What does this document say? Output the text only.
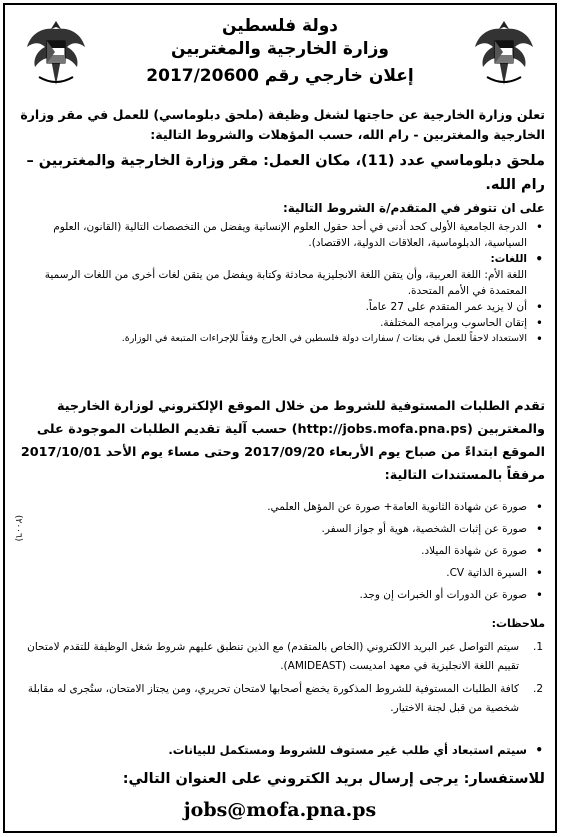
دولة فلسطين
وزارة الخارجية والمغتربين
إعلان خارجي رقم 2017/20600
تعلن وزارة الخارجية عن حاجتها لشغل وظيفة (ملحق دبلوماسي) للعمل في مقر وزارة الخارجية والمغتربين - رام الله، حسب المؤهلات والشروط التالية:
ملحق دبلوماسي عدد (11)، مكان العمل: مقر وزارة الخارجية والمغتربين – رام الله.
على ان تتوفر في المتقدم/ة الشروط التالية:
• الدرجة الجامعية الأولى كحد أدنى في أحد حقول العلوم الإنسانية ويفضل من التخصصات التالية (القانون، العلوم السياسية، الدبلوماسية، العلاقات الدولية، الاقتصاد).
• اللغات:
اللغة الأم: اللغة العربية، وأن يتقن اللغة الانجليزية محادثة وكتابة ويفضل من يتقن لغات أخرى من اللغات الرسمية المعتمدة في الأمم المتحدة.
• أن لا يزيد عمر المتقدم على 27 عاماً.
• إتقان الحاسوب وبرامجه المختلفة.
• الاستعداد لاحقاً للعمل في بعثات / سفارات دولة فلسطين في الخارج وفقاً للإجراءات المتبعة في الوزارة.
تقدم الطلبات المستوفية للشروط من خلال الموقع الإلكتروني لوزارة الخارجية والمغتربين (http://jobs.mofa.pna.ps) حسب آلية تقديم الطلبات الموجودة على الموقع ابتداءً من صباح يوم الأربعاء 2017/09/20 وحتى مساء يوم الأحد 2017/10/01 مرفقاً بالمستندات التالية:
• صورة عن شهادة الثانوية العامة+ صورة عن المؤهل العلمي.
• صورة عن إثبات الشخصية، هوية أو جواز السفر.
• صورة عن شهادة الميلاد.
• السيرة الذاتية CV.
• صورة عن الدورات أو الخبرات إن وجد.
(٢٠٠٦)
ملاحظات:
1.
سيتم التواصل عبر البريد الالكتروني (الخاص بالمتقدم) مع الذين تنطبق عليهم شروط شغل الوظيفة للتقدم لامتحان تقييم اللغة الانجليزية في معهد امديست (AMIDEAST).
2.
كافة الطلبات المستوفية للشروط المذكورة يخضع أصحابها لامتحان تحريري، ومن يجتاز الامتحان، ستُجرى له مقابلة شخصية من قبل لجنة الاختيار.
• سيتم استبعاد أي طلب غير مستوف للشروط ومستكمل للبيانات.
للاستفسار: يرجى إرسال بريد الكتروني على العنوان التالي:
jobs@mofa.pna.ps
